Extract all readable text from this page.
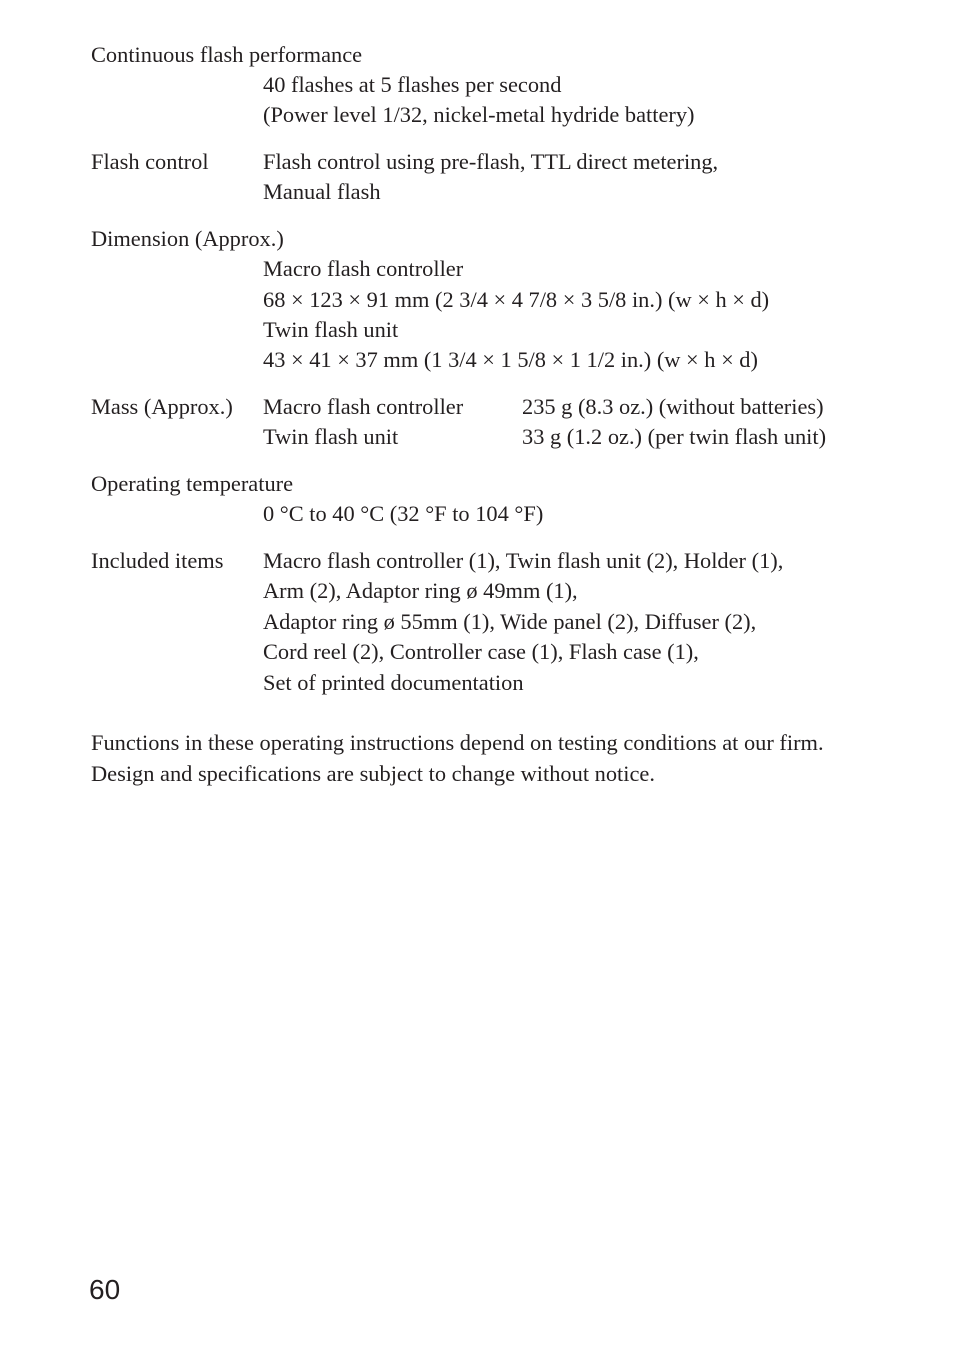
Continuous flash performance
40 flashes at 5 flashes per second
(Power level 1/32, nickel-metal hydride battery)
Flash control Flash control using pre-flash, TTL direct metering,
Manual flash
Dimension (Approx.)
Macro flash controller
68 × 123 × 91 mm (2 3/4 × 4 7/8 × 3 5/8 in.) (w × h × d)
Twin flash unit
43 × 41 × 37 mm (1 3/4 × 1 5/8 × 1 1/2 in.) (w × h × d)
Mass (Approx.) Macro flash controller	235 g (8.3 oz.) (without batteries)
Twin flash unit	33 g (1.2 oz.) (per twin flash unit)
Operating temperature
0 °C to 40 °C (32 °F to 104 °F)
Included items Macro flash controller (1), Twin flash unit (2), Holder (1),
Arm (2), Adaptor ring ø 49mm (1),
Adaptor ring ø 55mm (1), Wide panel (2), Diffuser (2),
Cord reel (2), Controller case (1), Flash case (1),
Set of printed documentation
Functions in these operating instructions depend on testing conditions at our firm.
Design and specifications are subject to change without notice.
60
